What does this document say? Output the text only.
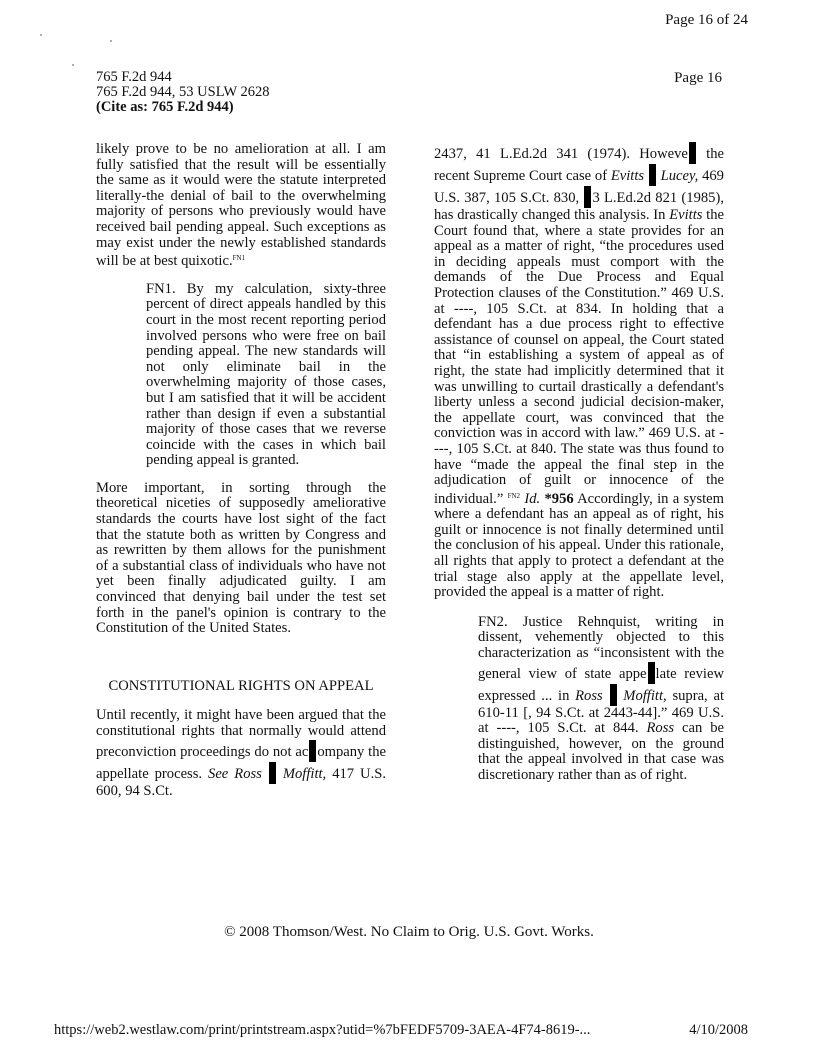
Page 16 of 24
765 F.2d 944
765 F.2d 944, 53 USLW 2628
(Cite as: 765 F.2d 944)
Page 16

likely prove to be no amelioration at all. I am fully satisfied that the result will be essentially the same as it would were the statute interpreted literally-the denial of bail to the overwhelming majority of persons who previously would have received bail pending appeal. Such exceptions as may exist under the newly established standards will be at best quixotic.$^{FN1}$

FN1. By my calculation, sixty-three percent of direct appeals handled by this court in the most recent reporting period involved persons who were free on bail pending appeal. The new standards will not only eliminate bail in the overwhelming majority of those cases, but I am satisfied that it will be accident rather than design if even a substantial majority of those cases that we reverse coincide with the cases in which bail pending appeal is granted.

More important, in sorting through the theoretical niceties of supposedly ameliorative standards the courts have lost sight of the fact that the statute both as written by Congress and as rewritten by them allows for the punishment of a substantial class of individuals who have not yet been finally adjudicated guilty. I am convinced that denying bail under the test set forth in the panel's opinion is contrary to the Constitution of the United States.

CONSTITUTIONAL RIGHTS ON APPEAL

Until recently, it might have been argued that the constitutional rights that normally would attend preconviction proceedings do not ac ompany the appellate process. See Ross Moffitt, 417 U.S. 600, 94 S.Ct.

2437, 41 L.Ed.2d 341 (1974). Howeve the recent Supreme Court case of Evitts Lucey, 469 U.S. 387, 105 S.Ct. 830, 3 L.Ed.2d 821 (1985), has drastically changed this analysis. In Evitts the Court found that, where a state provides for an appeal as a matter of right, “the procedures used in deciding appeals must comport with the demands of the Due Process and Equal Protection clauses of the Constitution.” 469 U.S. at ----, 105 S.Ct. at 834. In holding that a defendant has a due process right to effective assistance of counsel on appeal, the Court stated that “in establishing a system of appeal as of right, the state had implicitly determined that it was unwilling to curtail drastically a defendant's liberty unless a second judicial decision-maker, the appellate court, was convinced that the conviction was in accord with law.” 469 U.S. at ----, 105 S.Ct. at 840. The state was thus found to have “made the appeal the final step in the adjudication of guilt or innocence of the individual.” $^{FN2}$ Id. *956 Accordingly, in a system where a defendant has an appeal as of right, his guilt or innocence is not finally determined until the conclusion of his appeal. Under this rationale, all rights that apply to protect a defendant at the trial stage also apply at the appellate level, provided the appeal is a matter of right.

FN2. Justice Rehnquist, writing in dissent, vehemently objected to this characterization as “inconsistent with the general view of state appe late review expressed ... in Ross Moffitt, supra, at 610-11 [, 94 S.Ct. at 2443-44].” 469 U.S. at ----, 105 S.Ct. at 844. Ross can be distinguished, however, on the ground that the appeal involved in that case was discretionary rather than as of right.

© 2008 Thomson/West. No Claim to Orig. U.S. Govt. Works.
https://web2.westlaw.com/print/printstream.aspx?utid=%7bFEDF5709-3AEA-4F74-8619-...	4/10/2008
